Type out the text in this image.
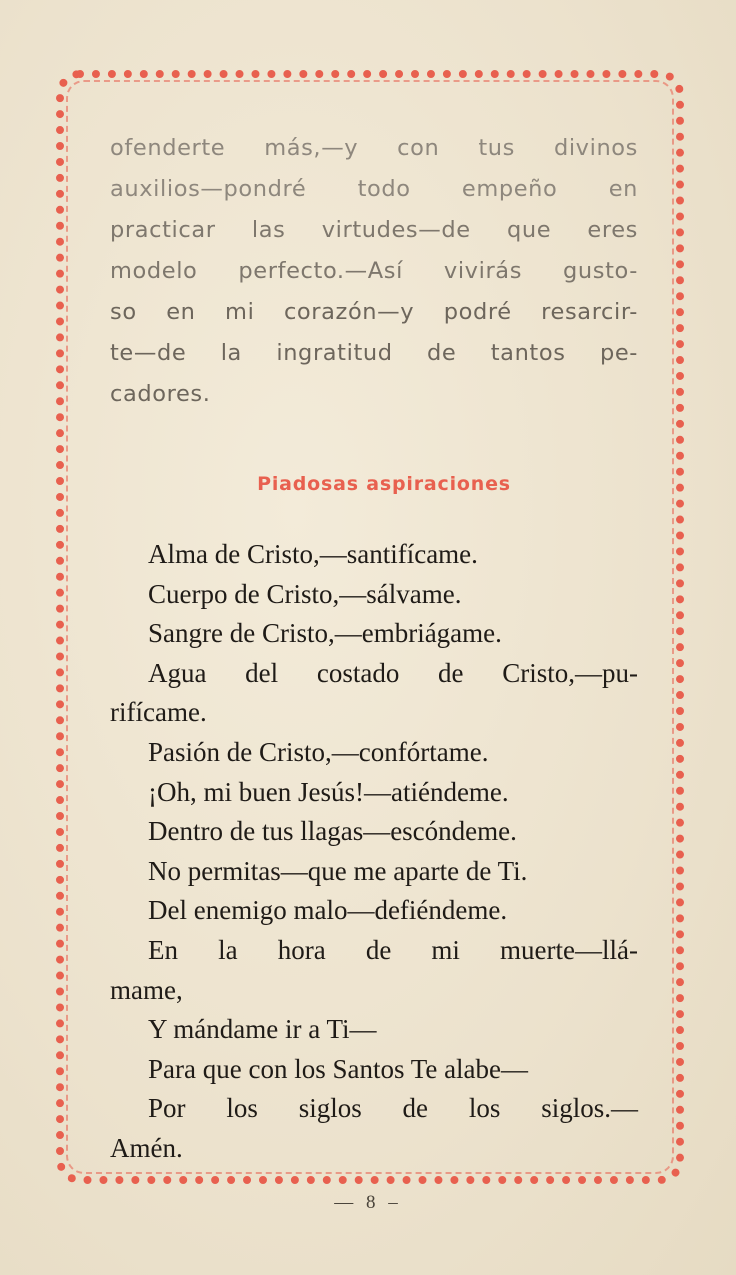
ofenderte más,—y con tus divinos

auxilios—pondré todo empeño en

practicar las virtudes—de que eres

modelo perfecto.—Así vivirás gusto-

so en mi corazón—y podré resarcir-

te—de la ingratitud de tantos pe-

cadores.

Piadosas aspiraciones

Alma de Cristo,—santifícame.

Cuerpo de Cristo,—sálvame.

Sangre de Cristo,—embriágame.

Agua del costado de Cristo,—pu-

rifícame.

Pasión de Cristo,—confórtame.

¡Oh, mi buen Jesús!—atiéndeme.

Dentro de tus llagas—escóndeme.

No permitas—que me aparte de Ti.

Del enemigo malo—defiéndeme.

En la hora de mi muerte—llá-

mame,

Y mándame ir a Ti—

Para que con los Santos Te alabe—

Por los siglos de los siglos.—

Amén.

— 8 –
